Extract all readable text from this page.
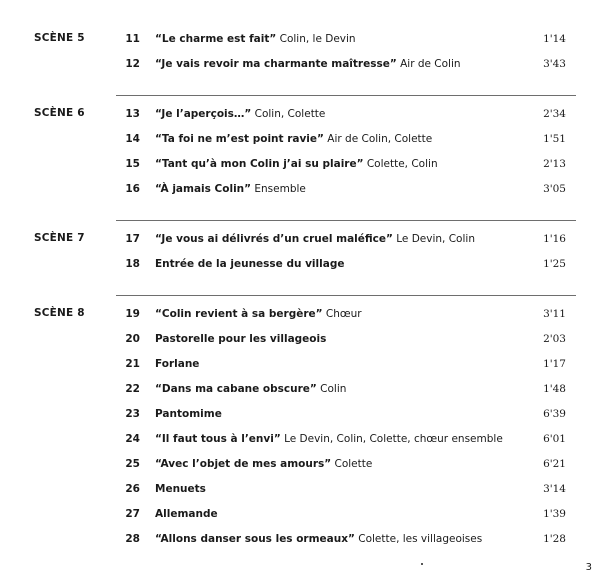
SCÈNE 5	11 “Le charme est fait” Colin, le Devin	1'14
12 “Je vais revoir ma charmante maîtresse” Air de Colin	3'43
SCÈNE 6	13 “Je l’aperçois…” Colin, Colette	2'34
14 “Ta foi ne m’est point ravie” Air de Colin, Colette	1'51
15 “Tant qu’à mon Colin j’ai su plaire” Colette, Colin	2'13
16 “À jamais Colin” Ensemble	3'05
SCÈNE 7	17 “Je vous ai délivrés d’un cruel maléfice” Le Devin, Colin	1'16
18 Entrée de la jeunesse du village	1'25
SCÈNE 8	19 “Colin revient à sa bergère” Chœur	3'11
20 Pastorelle pour les villageois	2'03
21 Forlane	1'17
22 “Dans ma cabane obscure” Colin	1'48
23 Pantomime	6'39
24 “Il faut tous à l’envi” Le Devin, Colin, Colette, chœur ensemble	6'01
25 “Avec l’objet de mes amours” Colette	6'21
26 Menuets	3'14
27 Allemande	1'39
28 “Allons danser sous les ormeaux” Colette, les villageoises	1'28
3
